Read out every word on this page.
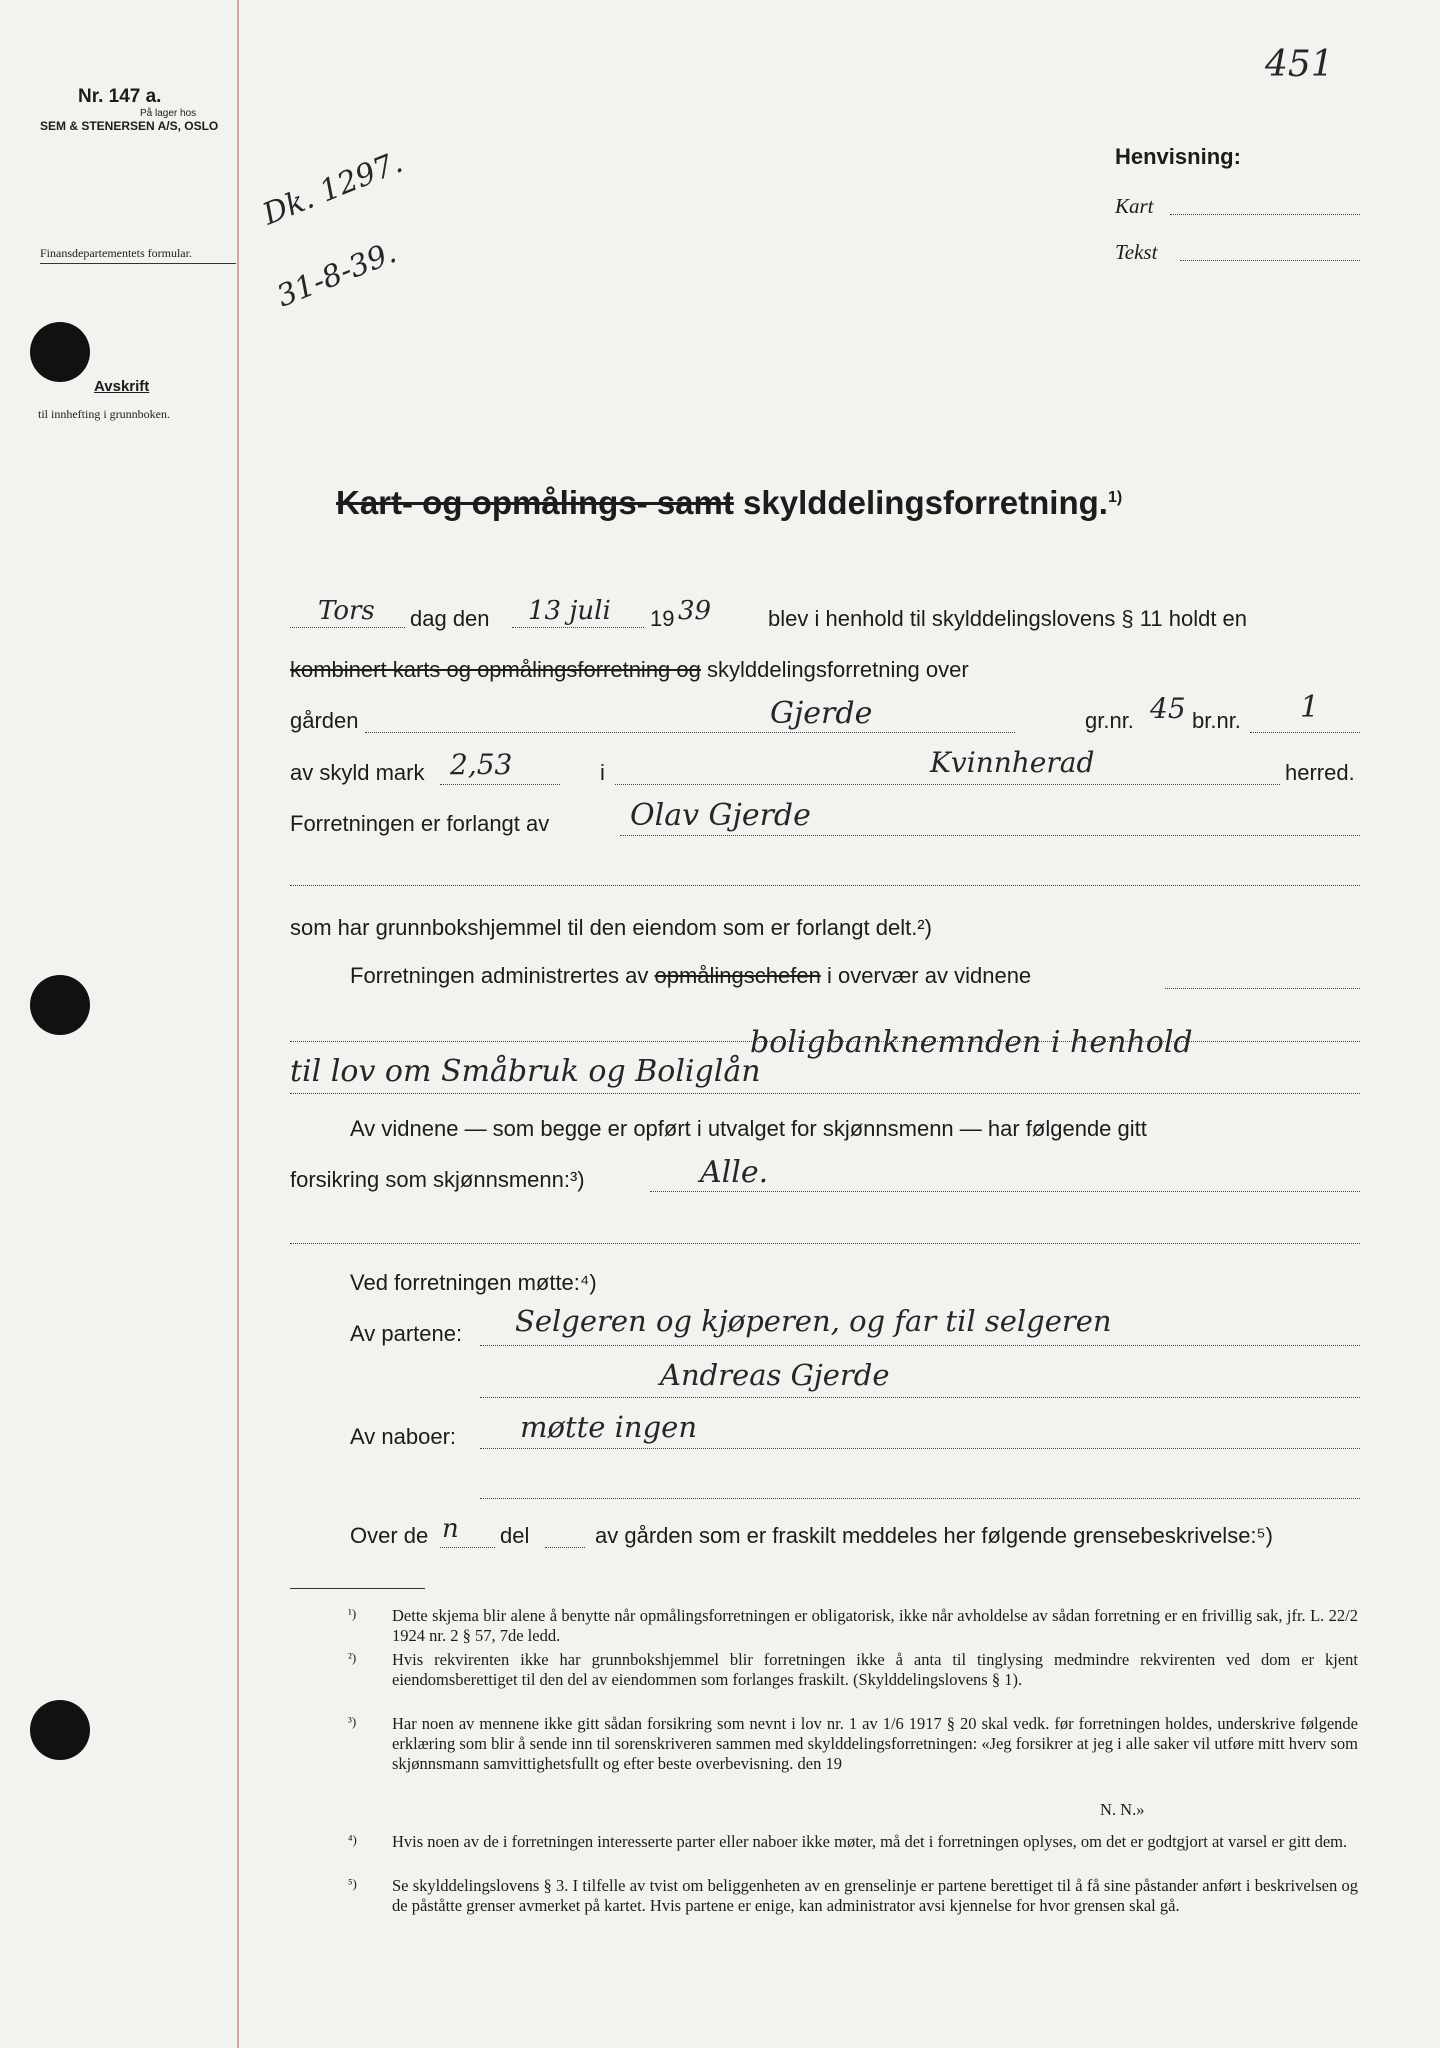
Nr. 147 a.
På lager hos
SEM & STENERSEN A/S, OSLO
Finansdepartementets formular.
Avskrift
til innhefting i grunnboken.
Dk. 1297.
31-8-39.
451
Henvisning:
Kart
Tekst
Kart- og opmålings- samt skylddelingsforretning.$^{1)}$
Tors dag den 13 juli 19 39	blev i henhold til skylddelingslovens § 11 holdt en
kombinert karts og opmålingsforretning og skylddelingsforretning over
gården	Gjerde	gr.nr. 45 br.nr. 1
av skyld mark 2,53	i	Kvinnherad	herred.
Forretningen er forlangt av	Olav Gjerde
som har grunnbokshjemmel til den eiendom som er forlangt delt.²)
Forretningen administrertes av opmålingschefen i overvær av vidnene
boligbanknemnden i henhold
til lov om Småbruk og Boliglån
Av vidnene — som begge er opført i utvalget for skjønnsmenn — har følgende gitt
forsikring som skjønnsmenn:³)	Alle.
Ved forretningen møtte:⁴)
Av partene: Selgeren og kjøperen, og far til selgeren
Andreas Gjerde
Av naboer: møtte ingen
Over de n del	av gården som er fraskilt meddeles her følgende grensebeskrivelse:⁵)
¹) Dette skjema blir alene å benytte når opmålingsforretningen er obligatorisk, ikke når avholdelse av sådan forretning er en frivillig sak, jfr. L. 22/2 1924 nr. 2 § 57, 7de ledd.
²) Hvis rekvirenten ikke har grunnbokshjemmel blir forretningen ikke å anta til tinglysing medmindre rekvirenten ved dom er kjent eiendomsberettiget til den del av eiendommen som forlanges fraskilt. (Skylddelingslovens § 1).
³) Har noen av mennene ikke gitt sådan forsikring som nevnt i lov nr. 1 av 1/6 1917 § 20 skal vedk. før forretningen holdes, underskrive følgende erklæring som blir å sende inn til sorenskriveren sammen med skylddelingsforretningen: «Jeg forsikrer at jeg i alle saker vil utføre mitt hverv som skjønnsmann samvittighetsfullt og efter beste overbevisning. den 19
N. N.»
⁴) Hvis noen av de i forretningen interesserte parter eller naboer ikke møter, må det i forretningen oplyses, om det er godtgjort at varsel er gitt dem.
⁵) Se skylddelingslovens § 3. I tilfelle av tvist om beliggenheten av en grenselinje er partene berettiget til å få sine påstander anført i beskrivelsen og de påståtte grenser avmerket på kartet. Hvis partene er enige, kan administrator avsi kjennelse for hvor grensen skal gå.
